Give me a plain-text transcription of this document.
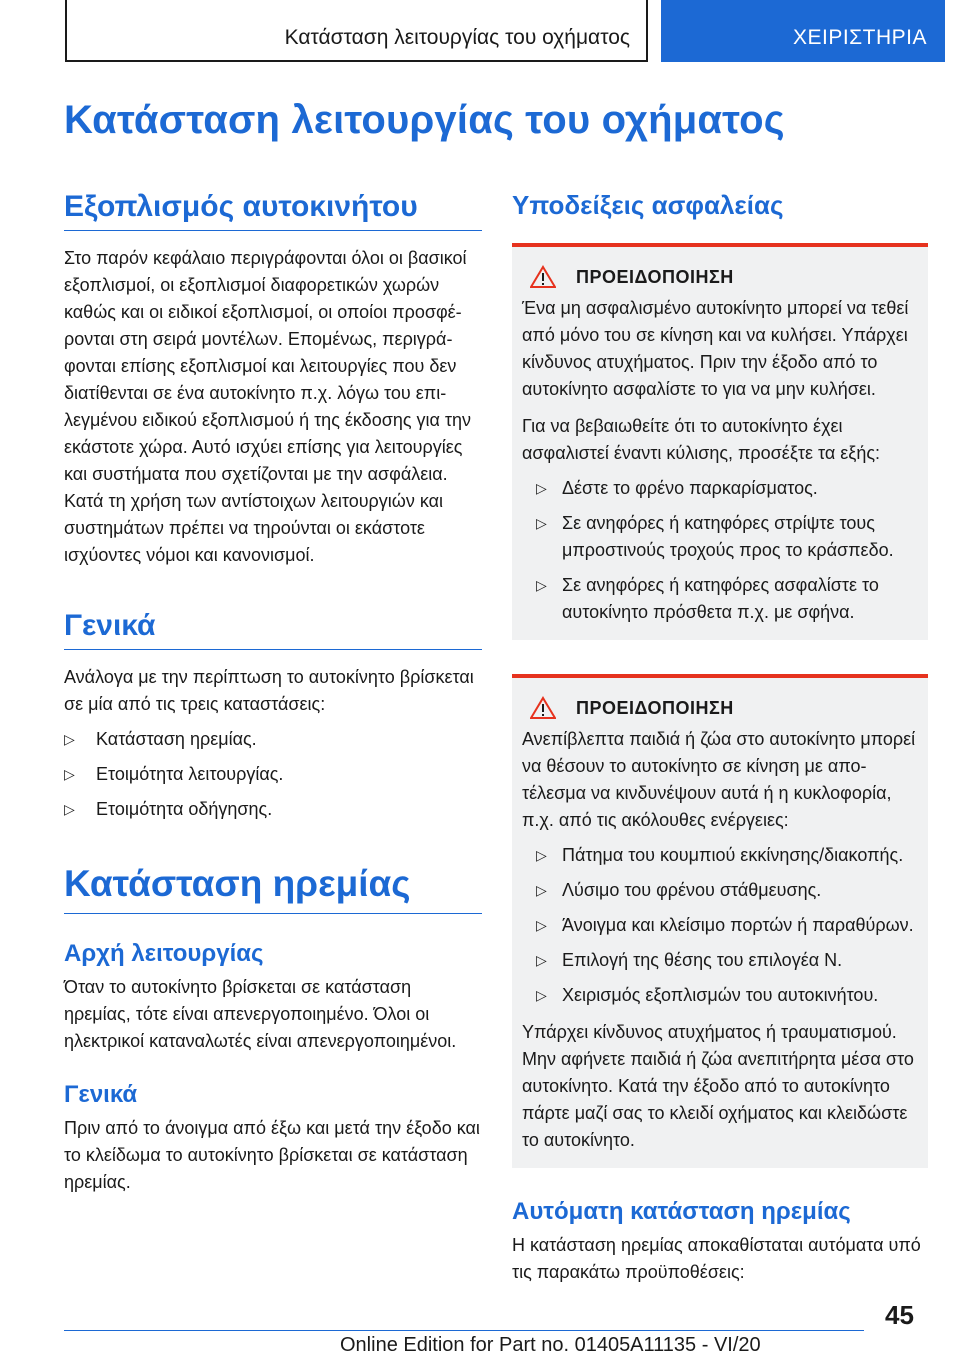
Κατάσταση λειτουργίας του οχήματος	ΧΕΙΡΙΣΤΗΡΙΑ
Κατάσταση λειτουργίας του οχήματος
Εξοπλισμός αυτοκινήτου

Στο παρόν κεφάλαιο περιγράφονται όλοι οι βασικοί εξοπλισμοί, οι εξοπλισμοί διαφορετικών χωρών καθώς και οι ειδικοί εξοπλισμοί, οι οποίοι προσφέρονται στη σειρά μοντέλων. Επομένως, περιγράφονται επίσης εξοπλισμοί και λειτουργίες που δεν διατίθενται σε ένα αυτοκίνητο π.χ. λόγω του επιλεγμένου ειδικού εξοπλισμού ή της έκδοσης για την εκάστοτε χώρα. Αυτό ισχύει επίσης για λειτουργίες και συστήματα που σχετίζονται με την ασφάλεια. Κατά τη χρήση των αντίστοιχων λειτουργιών και συστημάτων πρέπει να τηρούνται οι εκάστοτε ισχύοντες νόμοι και κανονισμοί.

Γενικά

Ανάλογα με την περίπτωση το αυτοκίνητο βρίσκεται σε μία από τις τρεις καταστάσεις:

▷ Κατάσταση ηρεμίας.
▷ Ετοιμότητα λειτουργίας.
▷ Ετοιμότητα οδήγησης.
Κατάσταση ηρεμίας
Αρχή λειτουργίας

Όταν το αυτοκίνητο βρίσκεται σε κατάσταση ηρεμίας, τότε είναι απενεργοποιημένο. Όλοι οι ηλεκτρικοί καταναλωτές είναι απενεργοποιημένοι.

Γενικά

Πριν από το άνοιγμα από έξω και μετά την έξοδο και το κλείδωμα το αυτοκίνητο βρίσκεται σε κατάσταση ηρεμίας.

Υποδείξεις ασφαλείας
ΠΡΟΕΙΔΟΠΟΙΗΣΗ

Ένα μη ασφαλισμένο αυτοκίνητο μπορεί να τεθεί από μόνο του σε κίνηση και να κυλήσει. Υπάρχει κίνδυνος ατυχήματος. Πριν την έξοδο από το αυτοκίνητο ασφαλίστε το για να μην κυλήσει.

Για να βεβαιωθείτε ότι το αυτοκίνητο έχει ασφαλιστεί έναντι κύλισης, προσέξτε τα εξής:

▷ Δέστε το φρένο παρκαρίσματος.
▷ Σε ανηφόρες ή κατηφόρες στρίψτε τους μπροστινούς τροχούς προς το κράσπεδο.
▷ Σε ανηφόρες ή κατηφόρες ασφαλίστε το αυτοκίνητο πρόσθετα π.χ. με σφήνα.
ΠΡΟΕΙΔΟΠΟΙΗΣΗ

Ανεπίβλεπτα παιδιά ή ζώα στο αυτοκίνητο μπορεί να θέσουν το αυτοκίνητο σε κίνηση με αποτέλεσμα να κινδυνέψουν αυτά ή η κυκλοφορία, π.χ. από τις ακόλουθες ενέργειες:

▷ Πάτημα του κουμπιού εκκίνησης/διακοπής.
▷ Λύσιμο του φρένου στάθμευσης.
▷ Άνοιγμα και κλείσιμο πορτών ή παραθύρων.
▷ Επιλογή της θέσης του επιλογέα N.
▷ Χειρισμός εξοπλισμών του αυτοκινήτου.

Υπάρχει κίνδυνος ατυχήματος ή τραυματισμού. Μην αφήνετε παιδιά ή ζώα ανεπιτήρητα μέσα στο αυτοκίνητο. Κατά την έξοδο από το αυτοκίνητο πάρτε μαζί σας το κλειδί οχήματος και κλειδώστε το αυτοκίνητο.

Αυτόματη κατάσταση ηρεμίας

Η κατάσταση ηρεμίας αποκαθίσταται αυτόματα υπό τις παρακάτω προϋποθέσεις:

45
Online Edition for Part no. 01405A11135 - VI/20
